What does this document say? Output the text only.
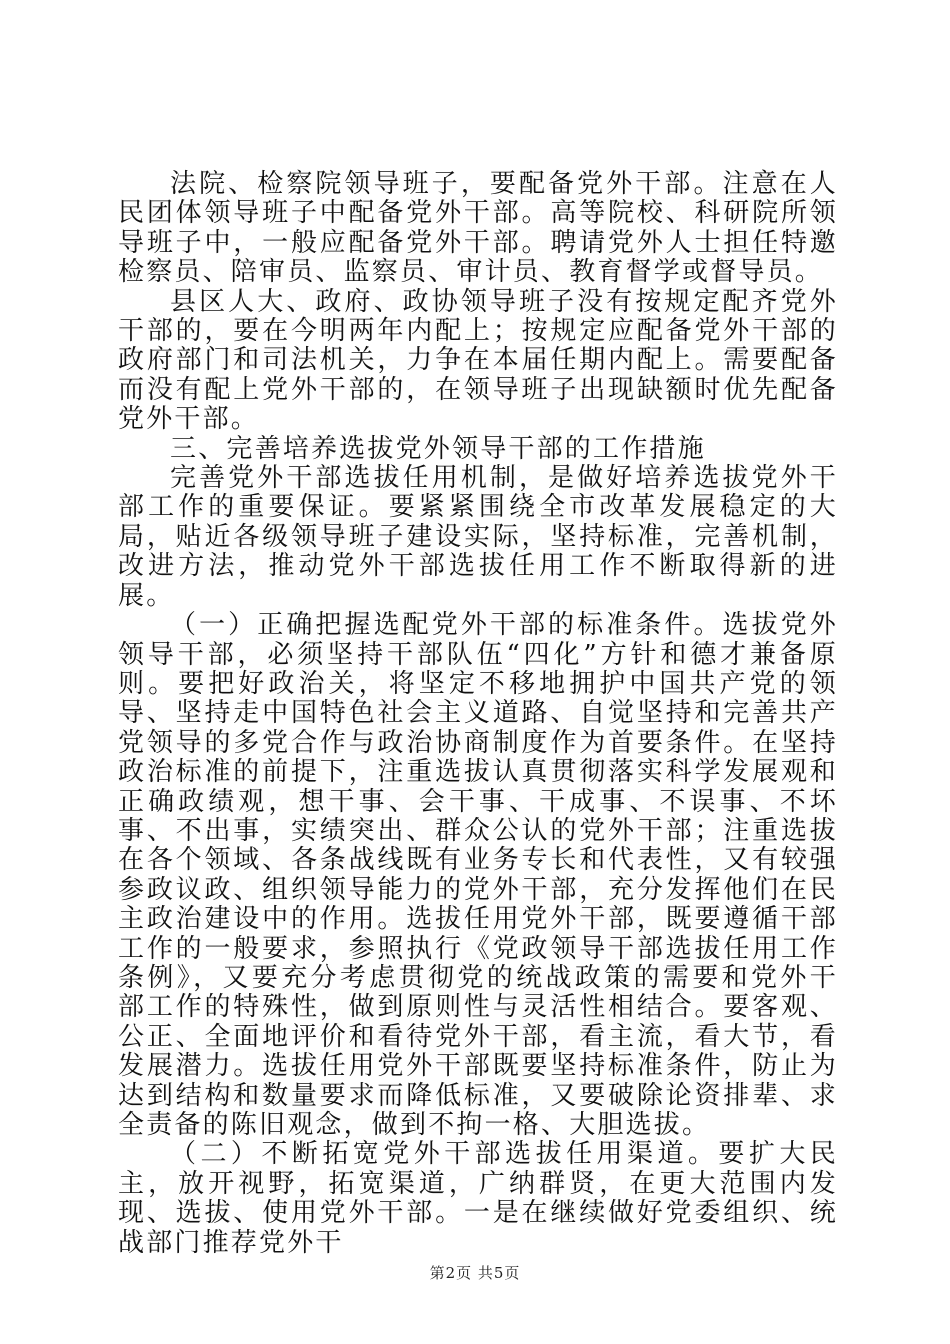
法院、检察院领导班子，要配备党外干部。注意在人民团体领导班子中配备党外干部。高等院校、科研院所领导班子中，一般应配备党外干部。聘请党外人士担任特邀检察员、陪审员、监察员、审计员、教育督学或督导员。

县区人大、政府、政协领导班子没有按规定配齐党外干部的，要在今明两年内配上；按规定应配备党外干部的政府部门和司法机关，力争在本届任期内配上。需要配备而没有配上党外干部的，在领导班子出现缺额时优先配备党外干部。

三、完善培养选拔党外领导干部的工作措施

完善党外干部选拔任用机制，是做好培养选拔党外干部工作的重要保证。要紧紧围绕全市改革发展稳定的大局，贴近各级领导班子建设实际，坚持标准，完善机制，改进方法，推动党外干部选拔任用工作不断取得新的进展。

（一）正确把握选配党外干部的标准条件。选拔党外领导干部，必须坚持干部队伍“四化”方针和德才兼备原则。要把好政治关，将坚定不移地拥护中国共产党的领导、坚持走中国特色社会主义道路、自觉坚持和完善共产党领导的多党合作与政治协商制度作为首要条件。在坚持政治标准的前提下，注重选拔认真贯彻落实科学发展观和正确政绩观，想干事、会干事、干成事、不误事、不坏事、不出事，实绩突出、群众公认的党外干部；注重选拔在各个领域、各条战线既有业务专长和代表性，又有较强参政议政、组织领导能力的党外干部，充分发挥他们在民主政治建设中的作用。选拔任用党外干部，既要遵循干部工作的一般要求，参照执行《党政领导干部选拔任用工作条例》，又要充分考虑贯彻党的统战政策的需要和党外干部工作的特殊性，做到原则性与灵活性相结合。要客观、公正、全面地评价和看待党外干部，看主流，看大节，看发展潜力。选拔任用党外干部既要坚持标准条件，防止为达到结构和数量要求而降低标准，又要破除论资排辈、求全责备的陈旧观念，做到不拘一格、大胆选拔。

（二）不断拓宽党外干部选拔任用渠道。要扩大民主，放开视野，拓宽渠道，广纳群贤，在更大范围内发现、选拔、使用党外干部。一是在继续做好党委组织、统战部门推荐党外干

第2页 共5页
